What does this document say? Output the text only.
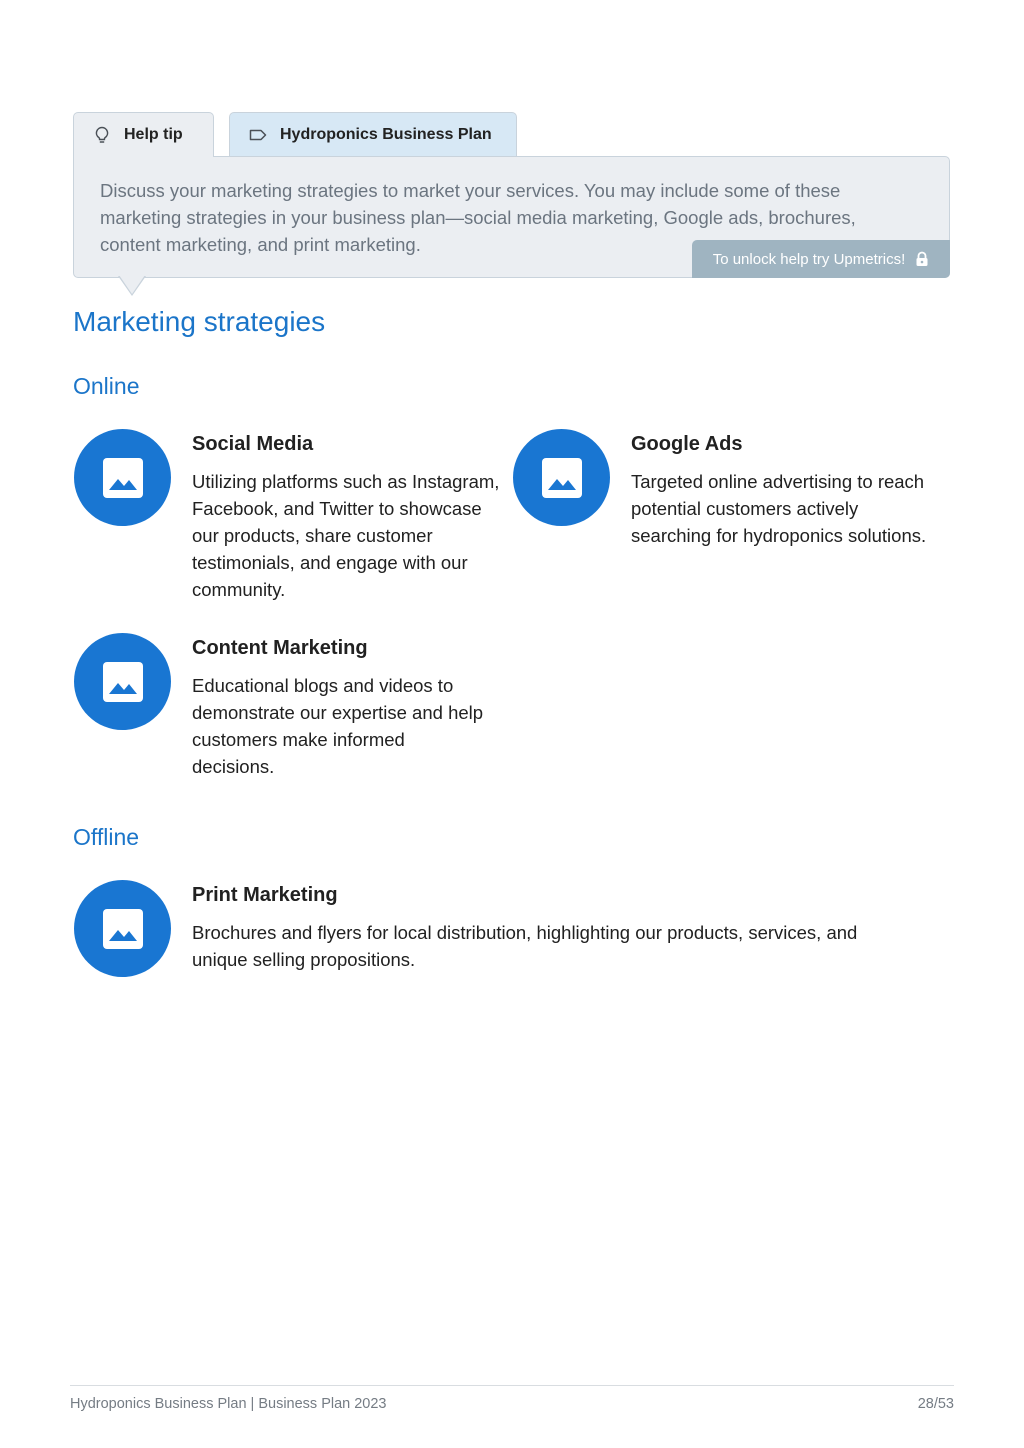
Help tip	Hydroponics Business Plan
Discuss your marketing strategies to market your services. You may include some of these marketing strategies in your business plan—social media marketing, Google ads, brochures, content marketing, and print marketing.
To unlock help try Upmetrics!
Marketing strategies
Online
Social Media
Utilizing platforms such as Instagram, Facebook, and Twitter to showcase our products, share customer testimonials, and engage with our community.
Google Ads
Targeted online advertising to reach potential customers actively searching for hydroponics solutions.
Content Marketing
Educational blogs and videos to demonstrate our expertise and help customers make informed decisions.
Offline
Print Marketing
Brochures and flyers for local distribution, highlighting our products, services, and unique selling propositions.
Hydroponics Business Plan | Business Plan 2023	28/53
